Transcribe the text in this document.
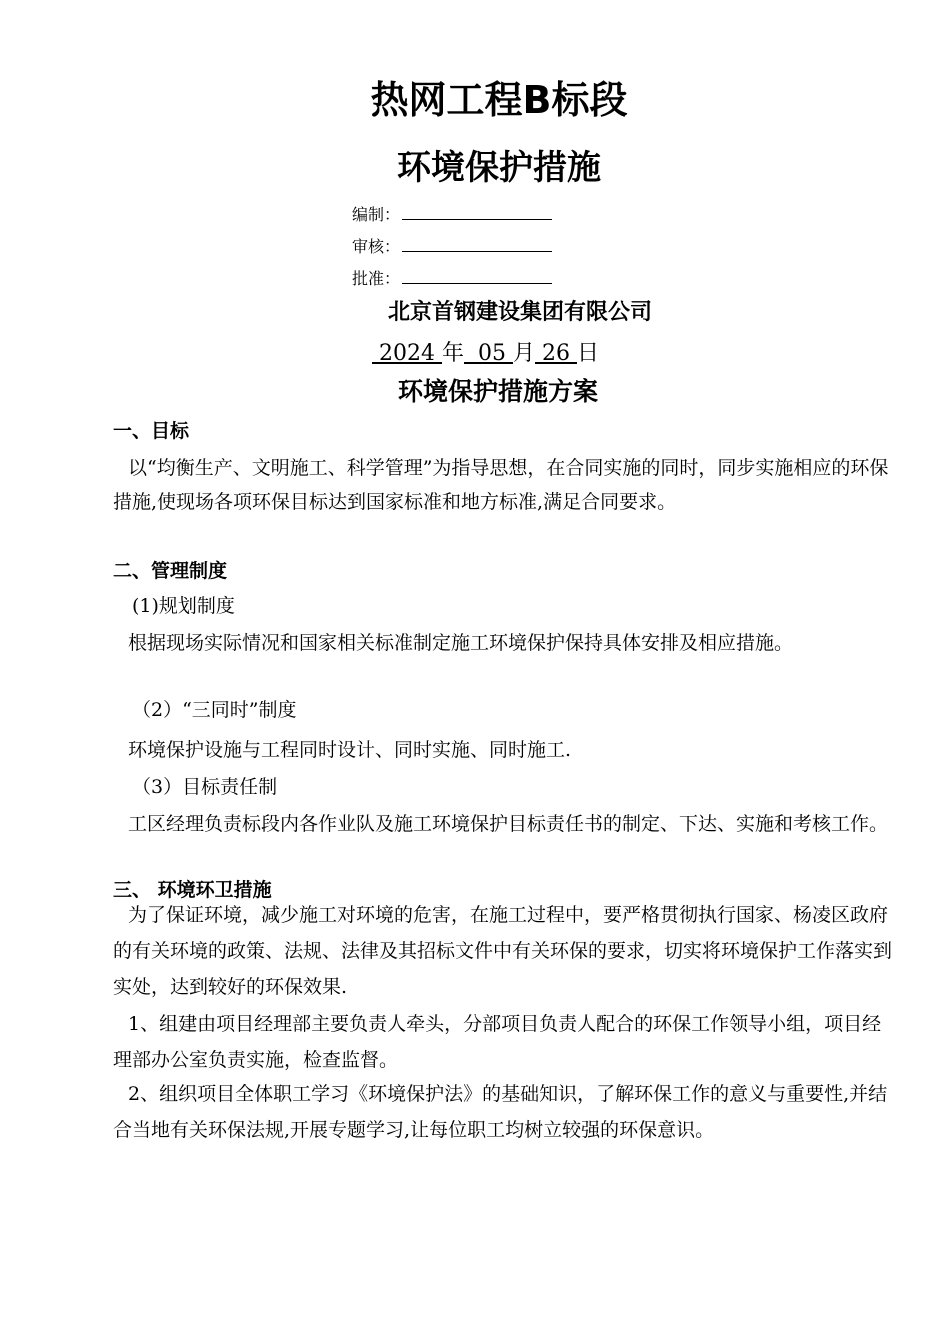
热网工程B标段
环境保护措施
编制：
审核：
批准：
北京首钢建设集团有限公司
2024 年  05 月 26 日
环境保护措施方案
一、目标
以“均衡生产、文明施工、科学管理”为指导思想，在合同实施的同时，同步实施相应的环保措施,使现场各项环保目标达到国家标准和地方标准,满足合同要求。
二、管理制度
(1)规划制度
根据现场实际情况和国家相关标准制定施工环境保护保持具体安排及相应措施。
（2）“三同时”制度
环境保护设施与工程同时设计、同时实施、同时施工.
（3）目标责任制
工区经理负责标段内各作业队及施工环境保护目标责任书的制定、下达、实施和考核工作。
三、 环境环卫措施
为了保证环境，减少施工对环境的危害，在施工过程中，要严格贯彻执行国家、杨凌区政府的有关环境的政策、法规、法律及其招标文件中有关环保的要求，切实将环境保护工作落实到实处，达到较好的环保效果.
1、组建由项目经理部主要负责人牵头，分部项目负责人配合的环保工作领导小组，项目经理部办公室负责实施，检查监督。
2、组织项目全体职工学习《环境保护法》的基础知识，了解环保工作的意义与重要性,并结合当地有关环保法规,开展专题学习,让每位职工均树立较强的环保意识。
